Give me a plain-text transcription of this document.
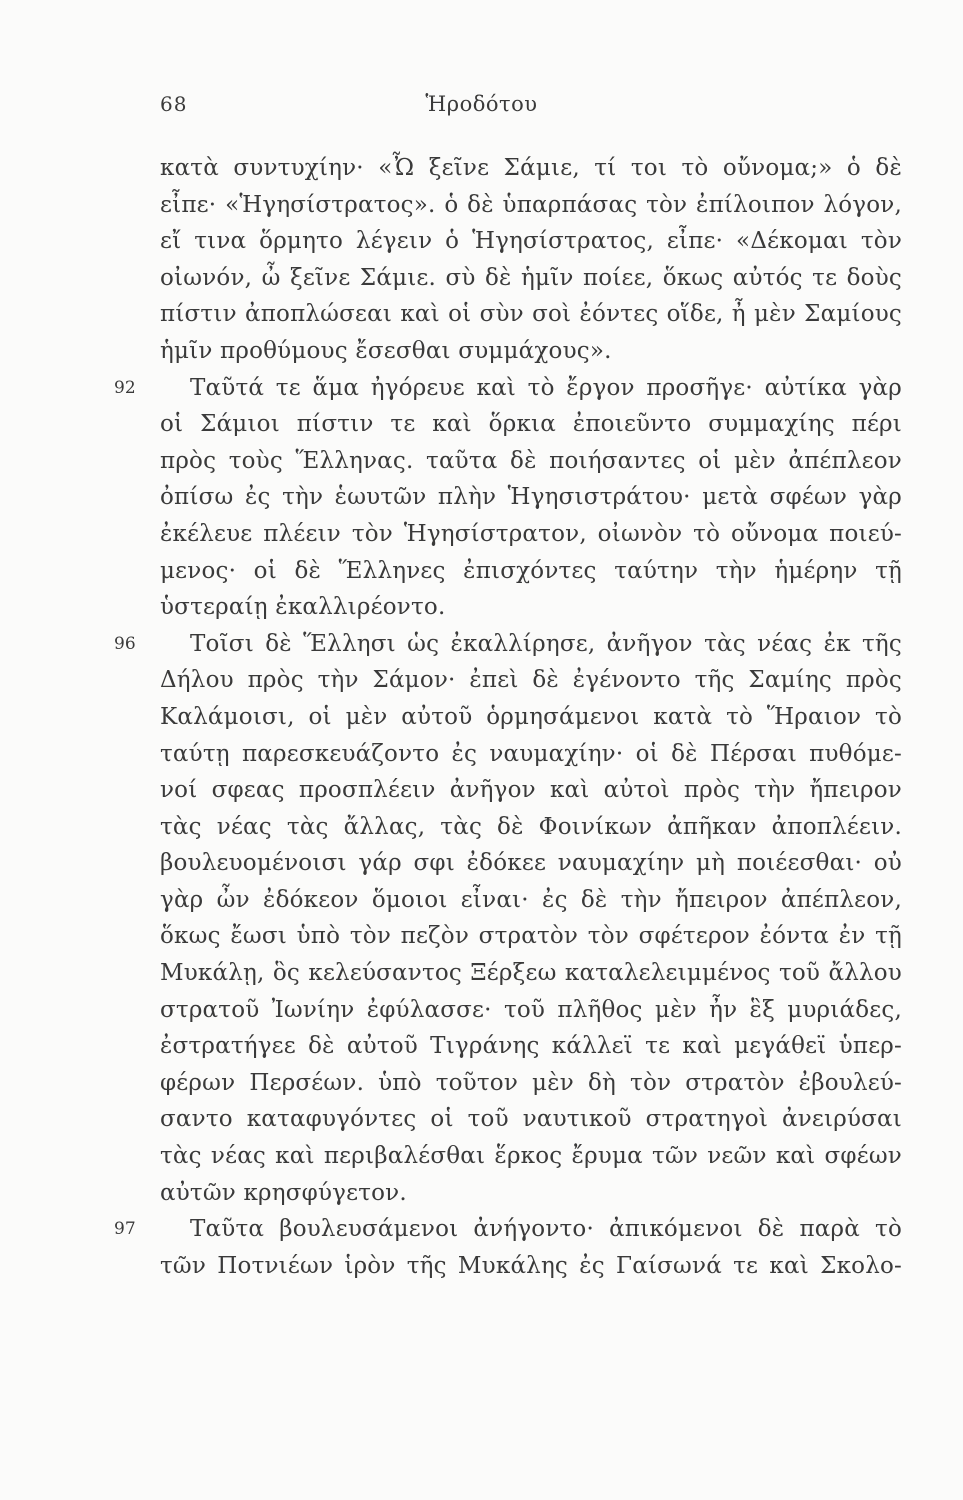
Ἡροδότου
68
κατὰ συντυχίην· «Ὦ ξεῖνε Σάμιε, τί τοι τὸ οὔνομα;» ὁ δὲ
εἶπε· «Ἡγησίστρατος». ὁ δὲ ὑπαρπάσας τὸν ἐπίλοιπον λόγον,
εἴ τινα ὅρμητο λέγειν ὁ Ἡγησίστρατος, εἶπε· «Δέκομαι τὸν
οἰωνόν, ὦ ξεῖνε Σάμιε. σὺ δὲ ἡμῖν ποίεε, ὅκως αὐτός τε δοὺς
πίστιν ἀποπλώσεαι καὶ οἱ σὺν σοὶ ἐόντες οἵδε, ἦ μὲν Σαμίους
ἡμῖν προθύμους ἔσεσθαι συμμάχους».
92 Ταῦτά τε ἅμα ἠγόρευε καὶ τὸ ἔργον προσῆγε· αὐτίκα γὰρ
οἱ Σάμιοι πίστιν τε καὶ ὅρκια ἐποιεῦντο συμμαχίης πέρι
πρὸς τοὺς Ἕλληνας. ταῦτα δὲ ποιήσαντες οἱ μὲν ἀπέπλεον
ὀπίσω ἐς τὴν ἑωυτῶν πλὴν Ἡγησιστράτου· μετὰ σφέων γὰρ
ἐκέλευε πλέειν τὸν Ἡγησίστρατον, οἰωνὸν τὸ οὔνομα ποιεύ-
μενος· οἱ δὲ Ἕλληνες ἐπισχόντες ταύτην τὴν ἡμέρην τῇ
ὑστεραίῃ ἐκαλλιρέοντο.
96 Τοῖσι δὲ Ἕλλησι ὡς ἐκαλλίρησε, ἀνῆγον τὰς νέας ἐκ τῆς
Δήλου πρὸς τὴν Σάμον· ἐπεὶ δὲ ἐγένοντο τῆς Σαμίης πρὸς
Καλάμοισι, οἱ μὲν αὐτοῦ ὁρμησάμενοι κατὰ τὸ Ἥραιον τὸ
ταύτῃ παρεσκευάζοντο ἐς ναυμαχίην· οἱ δὲ Πέρσαι πυθόμε-
νοί σφεας προσπλέειν ἀνῆγον καὶ αὐτοὶ πρὸς τὴν ἤπειρον
τὰς νέας τὰς ἄλλας, τὰς δὲ Φοινίκων ἀπῆκαν ἀποπλέειν.
βουλευομένοισι γάρ σφι ἐδόκεε ναυμαχίην μὴ ποιέεσθαι· οὐ
γὰρ ὦν ἐδόκεον ὅμοιοι εἶναι· ἐς δὲ τὴν ἤπειρον ἀπέπλεον,
ὅκως ἔωσι ὑπὸ τὸν πεζὸν στρατὸν τὸν σφέτερον ἐόντα ἐν τῇ
Μυκάλῃ, ὃς κελεύσαντος Ξέρξεω καταλελειμμένος τοῦ ἄλλου
στρατοῦ Ἰωνίην ἐφύλασσε· τοῦ πλῆθος μὲν ἦν ἓξ μυριάδες,
ἐστρατήγεε δὲ αὐτοῦ Τιγράνης κάλλεϊ τε καὶ μεγάθεϊ ὑπερ-
φέρων Περσέων. ὑπὸ τοῦτον μὲν δὴ τὸν στρατὸν ἐβουλεύ-
σαντο καταφυγόντες οἱ τοῦ ναυτικοῦ στρατηγοὶ ἀνειρύσαι
τὰς νέας καὶ περιβαλέσθαι ἕρκος ἔρυμα τῶν νεῶν καὶ σφέων
αὐτῶν κρησφύγετον.
97 Ταῦτα βουλευσάμενοι ἀνήγοντο· ἀπικόμενοι δὲ παρὰ τὸ
τῶν Ποτνιέων ἱρὸν τῆς Μυκάλης ἐς Γαίσωνά τε καὶ Σκολο-
